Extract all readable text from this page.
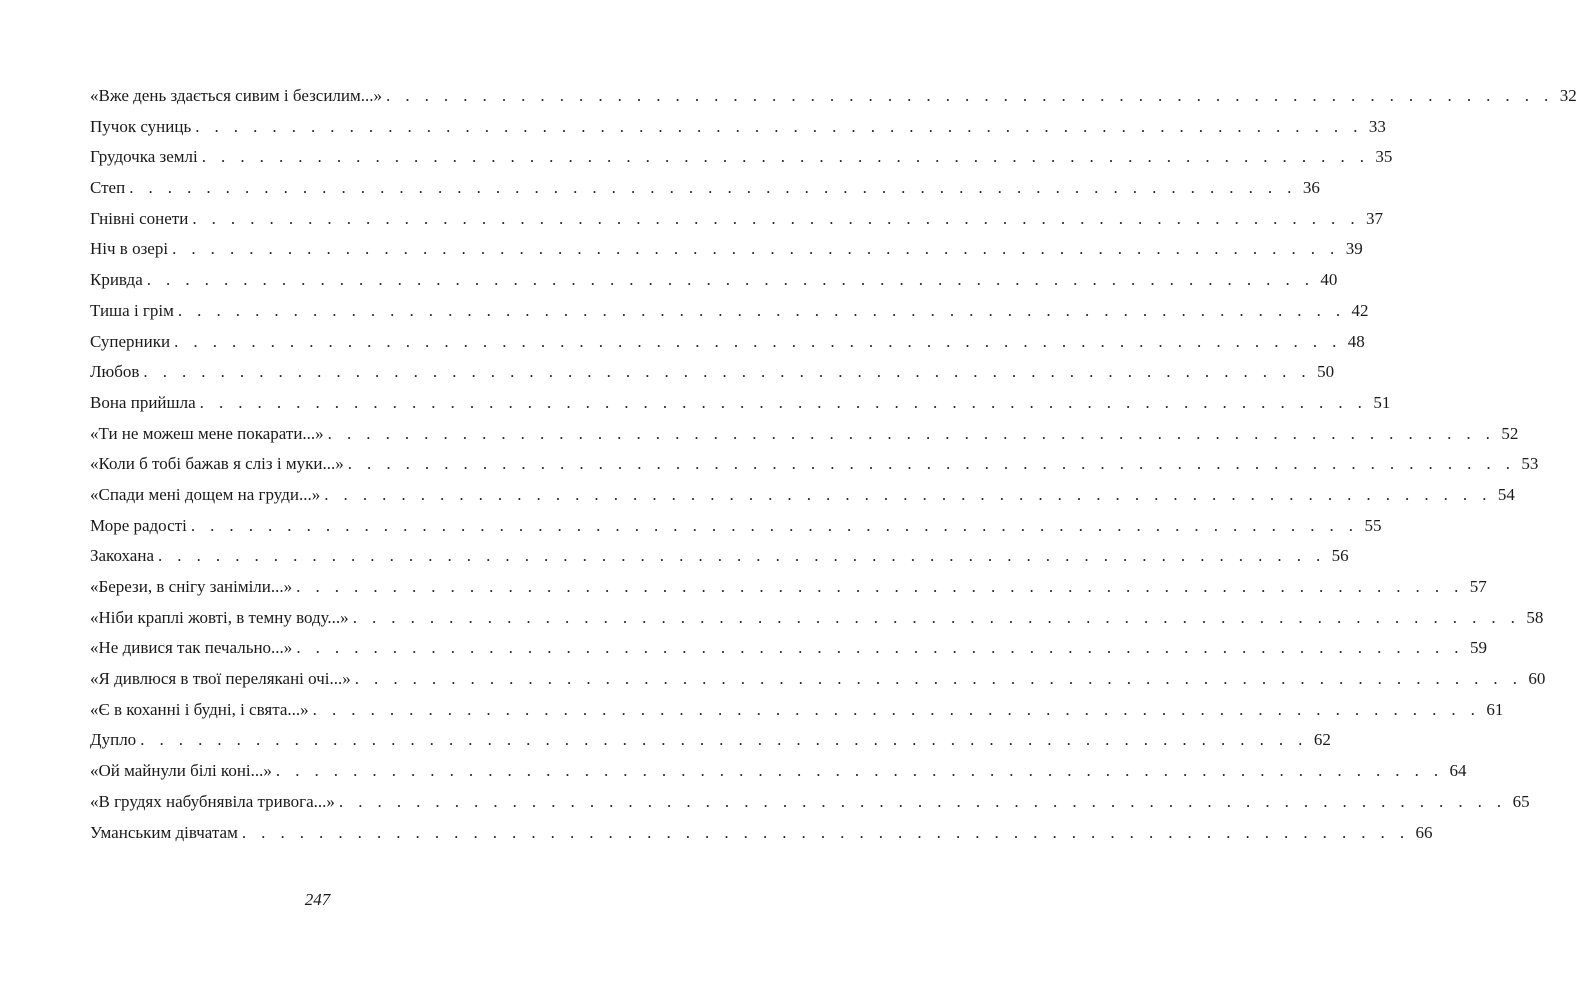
«Вже день здається сивим і безсилим...» . . . . . . . . . . . . . . . . . . . . . . . . . . . . . . . . . . . . . . . . . . . . . . . . . . . . . . . . . . . . . 32
Пучок суниць . . . . . . . . . . . . . . . . . . . . . . . . . . . . . . . . . . . . . . . . . . . . . . . . . . . . . . . . . . . . . 33
Грудочка землі . . . . . . . . . . . . . . . . . . . . . . . . . . . . . . . . . . . . . . . . . . . . . . . . . . . . . . . . . . . . . 35
Степ . . . . . . . . . . . . . . . . . . . . . . . . . . . . . . . . . . . . . . . . . . . . . . . . . . . . . . . . . . . . . 36
Гнівні сонети . . . . . . . . . . . . . . . . . . . . . . . . . . . . . . . . . . . . . . . . . . . . . . . . . . . . . . . . . . . . . 37
Ніч в озері . . . . . . . . . . . . . . . . . . . . . . . . . . . . . . . . . . . . . . . . . . . . . . . . . . . . . . . . . . . . . 39
Кривда . . . . . . . . . . . . . . . . . . . . . . . . . . . . . . . . . . . . . . . . . . . . . . . . . . . . . . . . . . . . . 40
Тиша і грім . . . . . . . . . . . . . . . . . . . . . . . . . . . . . . . . . . . . . . . . . . . . . . . . . . . . . . . . . . . . . 42
Суперники . . . . . . . . . . . . . . . . . . . . . . . . . . . . . . . . . . . . . . . . . . . . . . . . . . . . . . . . . . . . . 48
Любов . . . . . . . . . . . . . . . . . . . . . . . . . . . . . . . . . . . . . . . . . . . . . . . . . . . . . . . . . . . . . 50
Вона прийшла . . . . . . . . . . . . . . . . . . . . . . . . . . . . . . . . . . . . . . . . . . . . . . . . . . . . . . . . . . . . . 51
«Ти не можеш мене покарати...» . . . . . . . . . . . . . . . . . . . . . . . . . . . . . . . . . . . . . . . . . . . . . . . . . . . . . . . . . . . . . 52
«Коли б тобі бажав я сліз і муки...» . . . . . . . . . . . . . . . . . . . . . . . . . . . . . . . . . . . . . . . . . . . . . . . . . . . . . . . . . . . . . 53
«Спади мені дощем на груди...» . . . . . . . . . . . . . . . . . . . . . . . . . . . . . . . . . . . . . . . . . . . . . . . . . . . . . . . . . . . . . 54
Море радості . . . . . . . . . . . . . . . . . . . . . . . . . . . . . . . . . . . . . . . . . . . . . . . . . . . . . . . . . . . . . 55
Закохана . . . . . . . . . . . . . . . . . . . . . . . . . . . . . . . . . . . . . . . . . . . . . . . . . . . . . . . . . . . . . 56
«Берези, в снігу заніміли...» . . . . . . . . . . . . . . . . . . . . . . . . . . . . . . . . . . . . . . . . . . . . . . . . . . . . . . . . . . . . . 57
«Ніби краплі жовті, в темну воду...» . . . . . . . . . . . . . . . . . . . . . . . . . . . . . . . . . . . . . . . . . . . . . . . . . . . . . . . . . . . . . 58
«Не дивися так печально...» . . . . . . . . . . . . . . . . . . . . . . . . . . . . . . . . . . . . . . . . . . . . . . . . . . . . . . . . . . . . . 59
«Я дивлюся в твої перелякані очі...» . . . . . . . . . . . . . . . . . . . . . . . . . . . . . . . . . . . . . . . . . . . . . . . . . . . . . . . . . . . . . 60
«Є в коханні і будні, і свята...» . . . . . . . . . . . . . . . . . . . . . . . . . . . . . . . . . . . . . . . . . . . . . . . . . . . . . . . . . . . . . 61
Дупло . . . . . . . . . . . . . . . . . . . . . . . . . . . . . . . . . . . . . . . . . . . . . . . . . . . . . . . . . . . . . 62
«Ой майнули білі коні...» . . . . . . . . . . . . . . . . . . . . . . . . . . . . . . . . . . . . . . . . . . . . . . . . . . . . . . . . . . . . . 64
«В грудях набубнявіла тривога...» . . . . . . . . . . . . . . . . . . . . . . . . . . . . . . . . . . . . . . . . . . . . . . . . . . . . . . . . . . . . . 65
Уманським дівчатам . . . . . . . . . . . . . . . . . . . . . . . . . . . . . . . . . . . . . . . . . . . . . . . . . . . . . . . . . . . . . 66
247
